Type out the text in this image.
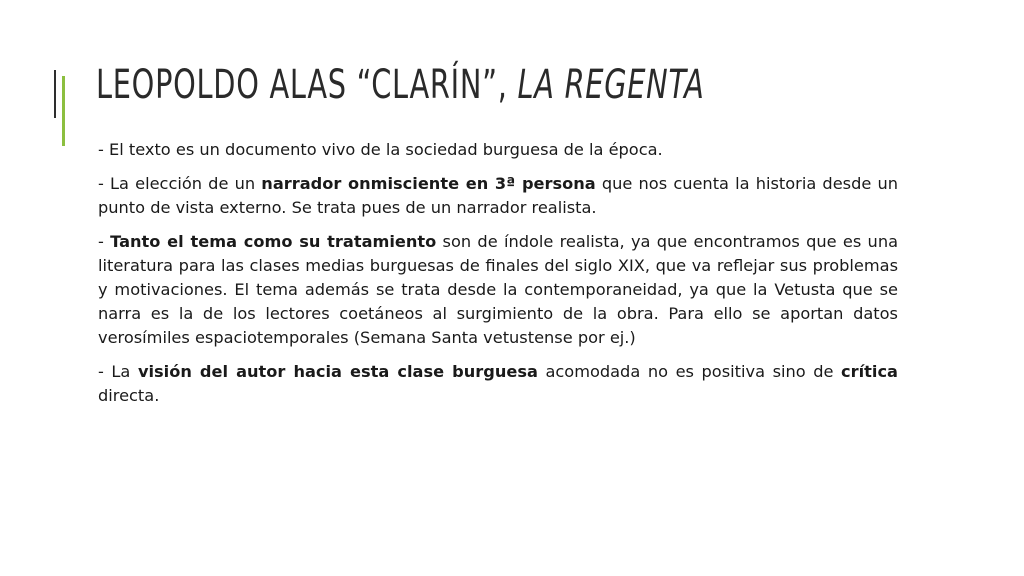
LEOPOLDO ALAS “CLARÍN”, LA REGENTA

- El texto es un documento vivo de la sociedad burguesa de la época.

- La elección de un narrador onmisciente en 3ª persona que nos cuenta la historia desde un punto de vista externo. Se trata pues de un narrador realista.

- Tanto el tema como su tratamiento son de índole realista, ya que encontramos que es una literatura para las clases medias burguesas de finales del siglo XIX, que va reflejar sus problemas y motivaciones. El tema además se trata desde la contemporaneidad, ya que la Vetusta que se narra es la de los lectores coetáneos al surgimiento de la obra. Para ello se aportan datos verosímiles espaciotemporales (Semana Santa vetustense por ej.)

- La visión del autor hacia esta clase burguesa acomodada no es positiva sino de crítica directa.
